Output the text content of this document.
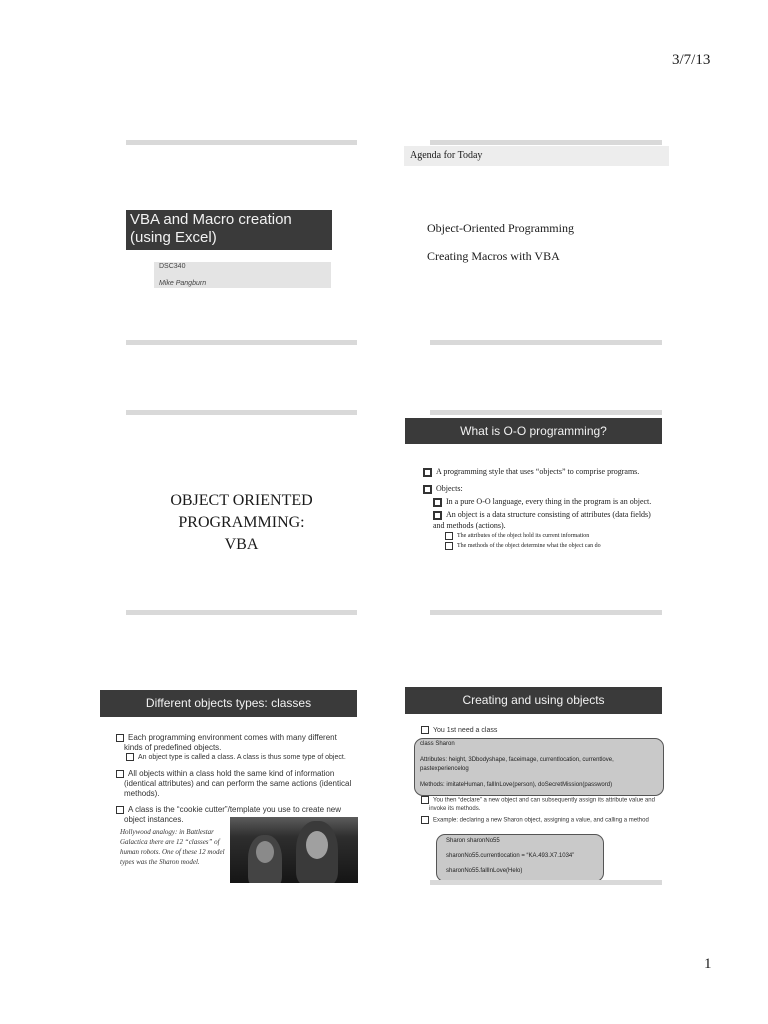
3/7/13
1
VBA and Macro creation (using Excel)
DSC340
Mike Pangburn
Agenda for Today
Object-Oriented Programming
Creating Macros with VBA
OBJECT ORIENTED
PROGRAMMING:
VBA
What is O-O programming?
A programming style that uses “objects” to comprise programs.
Objects:
In a pure O-O language, every thing in the program is an object.
An object is a data structure consisting of attributes (data fields) and methods (actions).
The attributes of the object hold its current information
The methods of the object determine what the object can do
Different objects types: classes
Each programming environment comes with many different kinds of predefined objects.
An object type is called a class. A class is thus some type of object.
All objects within a class hold the same kind of information (identical attributes) and can perform the same actions (identical methods).
A class is the “cookie cutter”/template you use to create new object instances.
Hollywood analogy: in Battlestar Galactica there are 12 “classes” of human robots. One of these 12 model types was the Sharon model.
Creating and using objects
You 1st need a class
class Sharon
Attributes: height, 3Dbodyshape, faceimage, currentlocation, currentlove, pastexperiencelog
Methods: imitateHuman, fallInLove(person), doSecretMission(password)
You then “declare” a new object and can subsequently assign its attribute value and invoke its methods.
Example: declaring a new Sharon object, assigning a value, and calling a method
Sharon sharonNo55
sharonNo55.currentlocation = “KA.493.X7.1034”
sharonNo55.fallInLove(Helo)
